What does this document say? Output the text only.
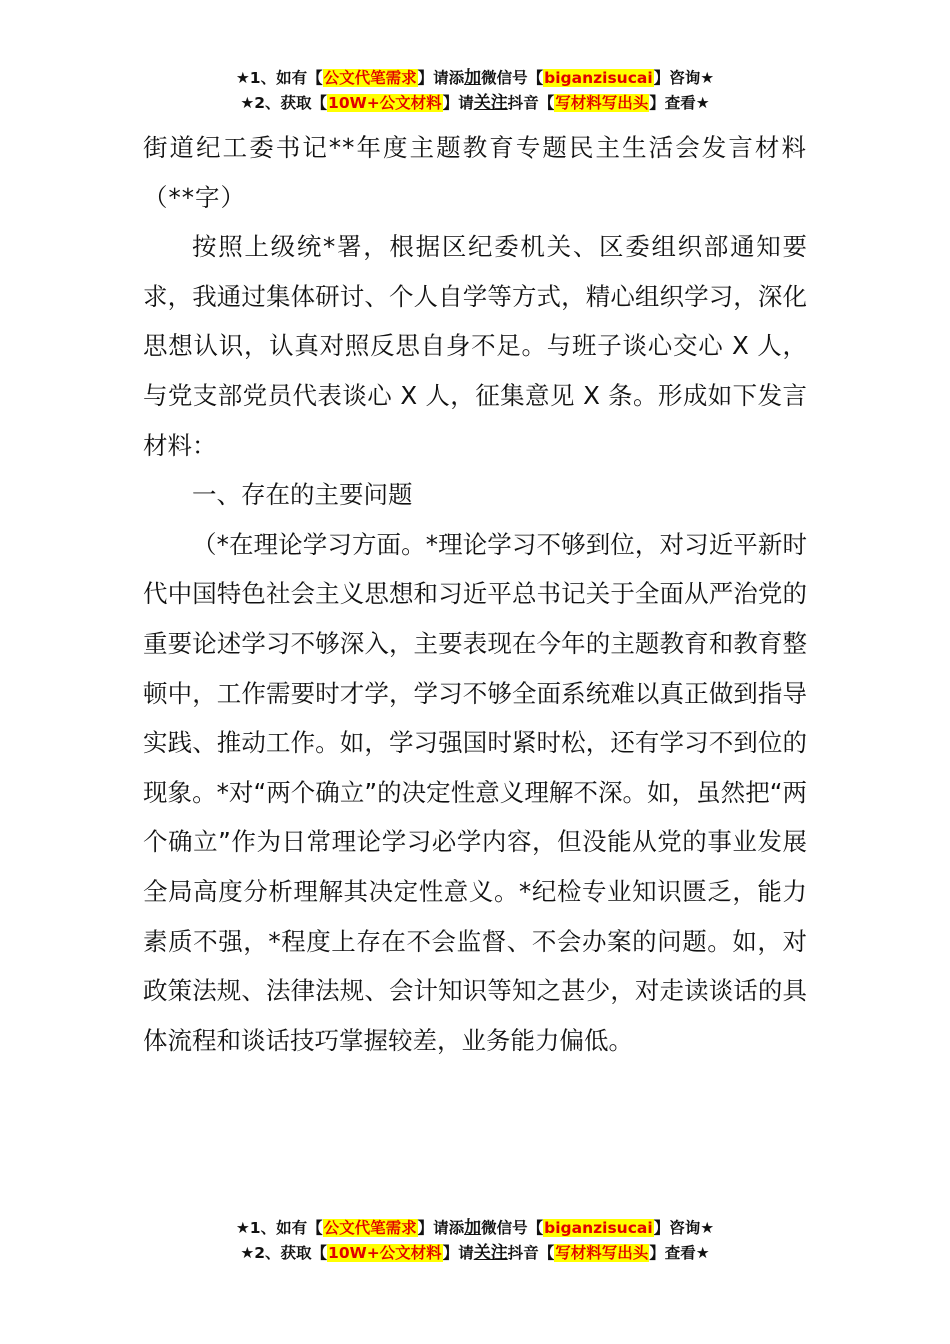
★1、如有【公文代笔需求】请添加微信号【biganzisucai】咨询★
★2、获取【10W+公文材料】请关注抖音【写材料写出头】查看★

街道纪工委书记**年度主题教育专题民主生活会发言材料（**字）

按照上级统*署，根据区纪委机关、区委组织部通知要求，我通过集体研讨、个人自学等方式，精心组织学习，深化思想认识，认真对照反思自身不足。与班子谈心交心 X 人，与党支部党员代表谈心 X 人，征集意见 X 条。形成如下发言材料：

一、存在的主要问题

（*在理论学习方面。*理论学习不够到位，对习近平新时代中国特色社会主义思想和习近平总书记关于全面从严治党的重要论述学习不够深入，主要表现在今年的主题教育和教育整顿中，工作需要时才学，学习不够全面系统难以真正做到指导实践、推动工作。如，学习强国时紧时松，还有学习不到位的现象。*对“两个确立”的决定性意义理解不深。如，虽然把“两个确立”作为日常理论学习必学内容，但没能从党的事业发展全局高度分析理解其决定性意义。*纪检专业知识匮乏，能力素质不强，*程度上存在不会监督、不会办案的问题。如，对政策法规、法律法规、会计知识等知之甚少，对走读谈话的具体流程和谈话技巧掌握较差，业务能力偏低。

★1、如有【公文代笔需求】请添加微信号【biganzisucai】咨询★
★2、获取【10W+公文材料】请关注抖音【写材料写出头】查看★
